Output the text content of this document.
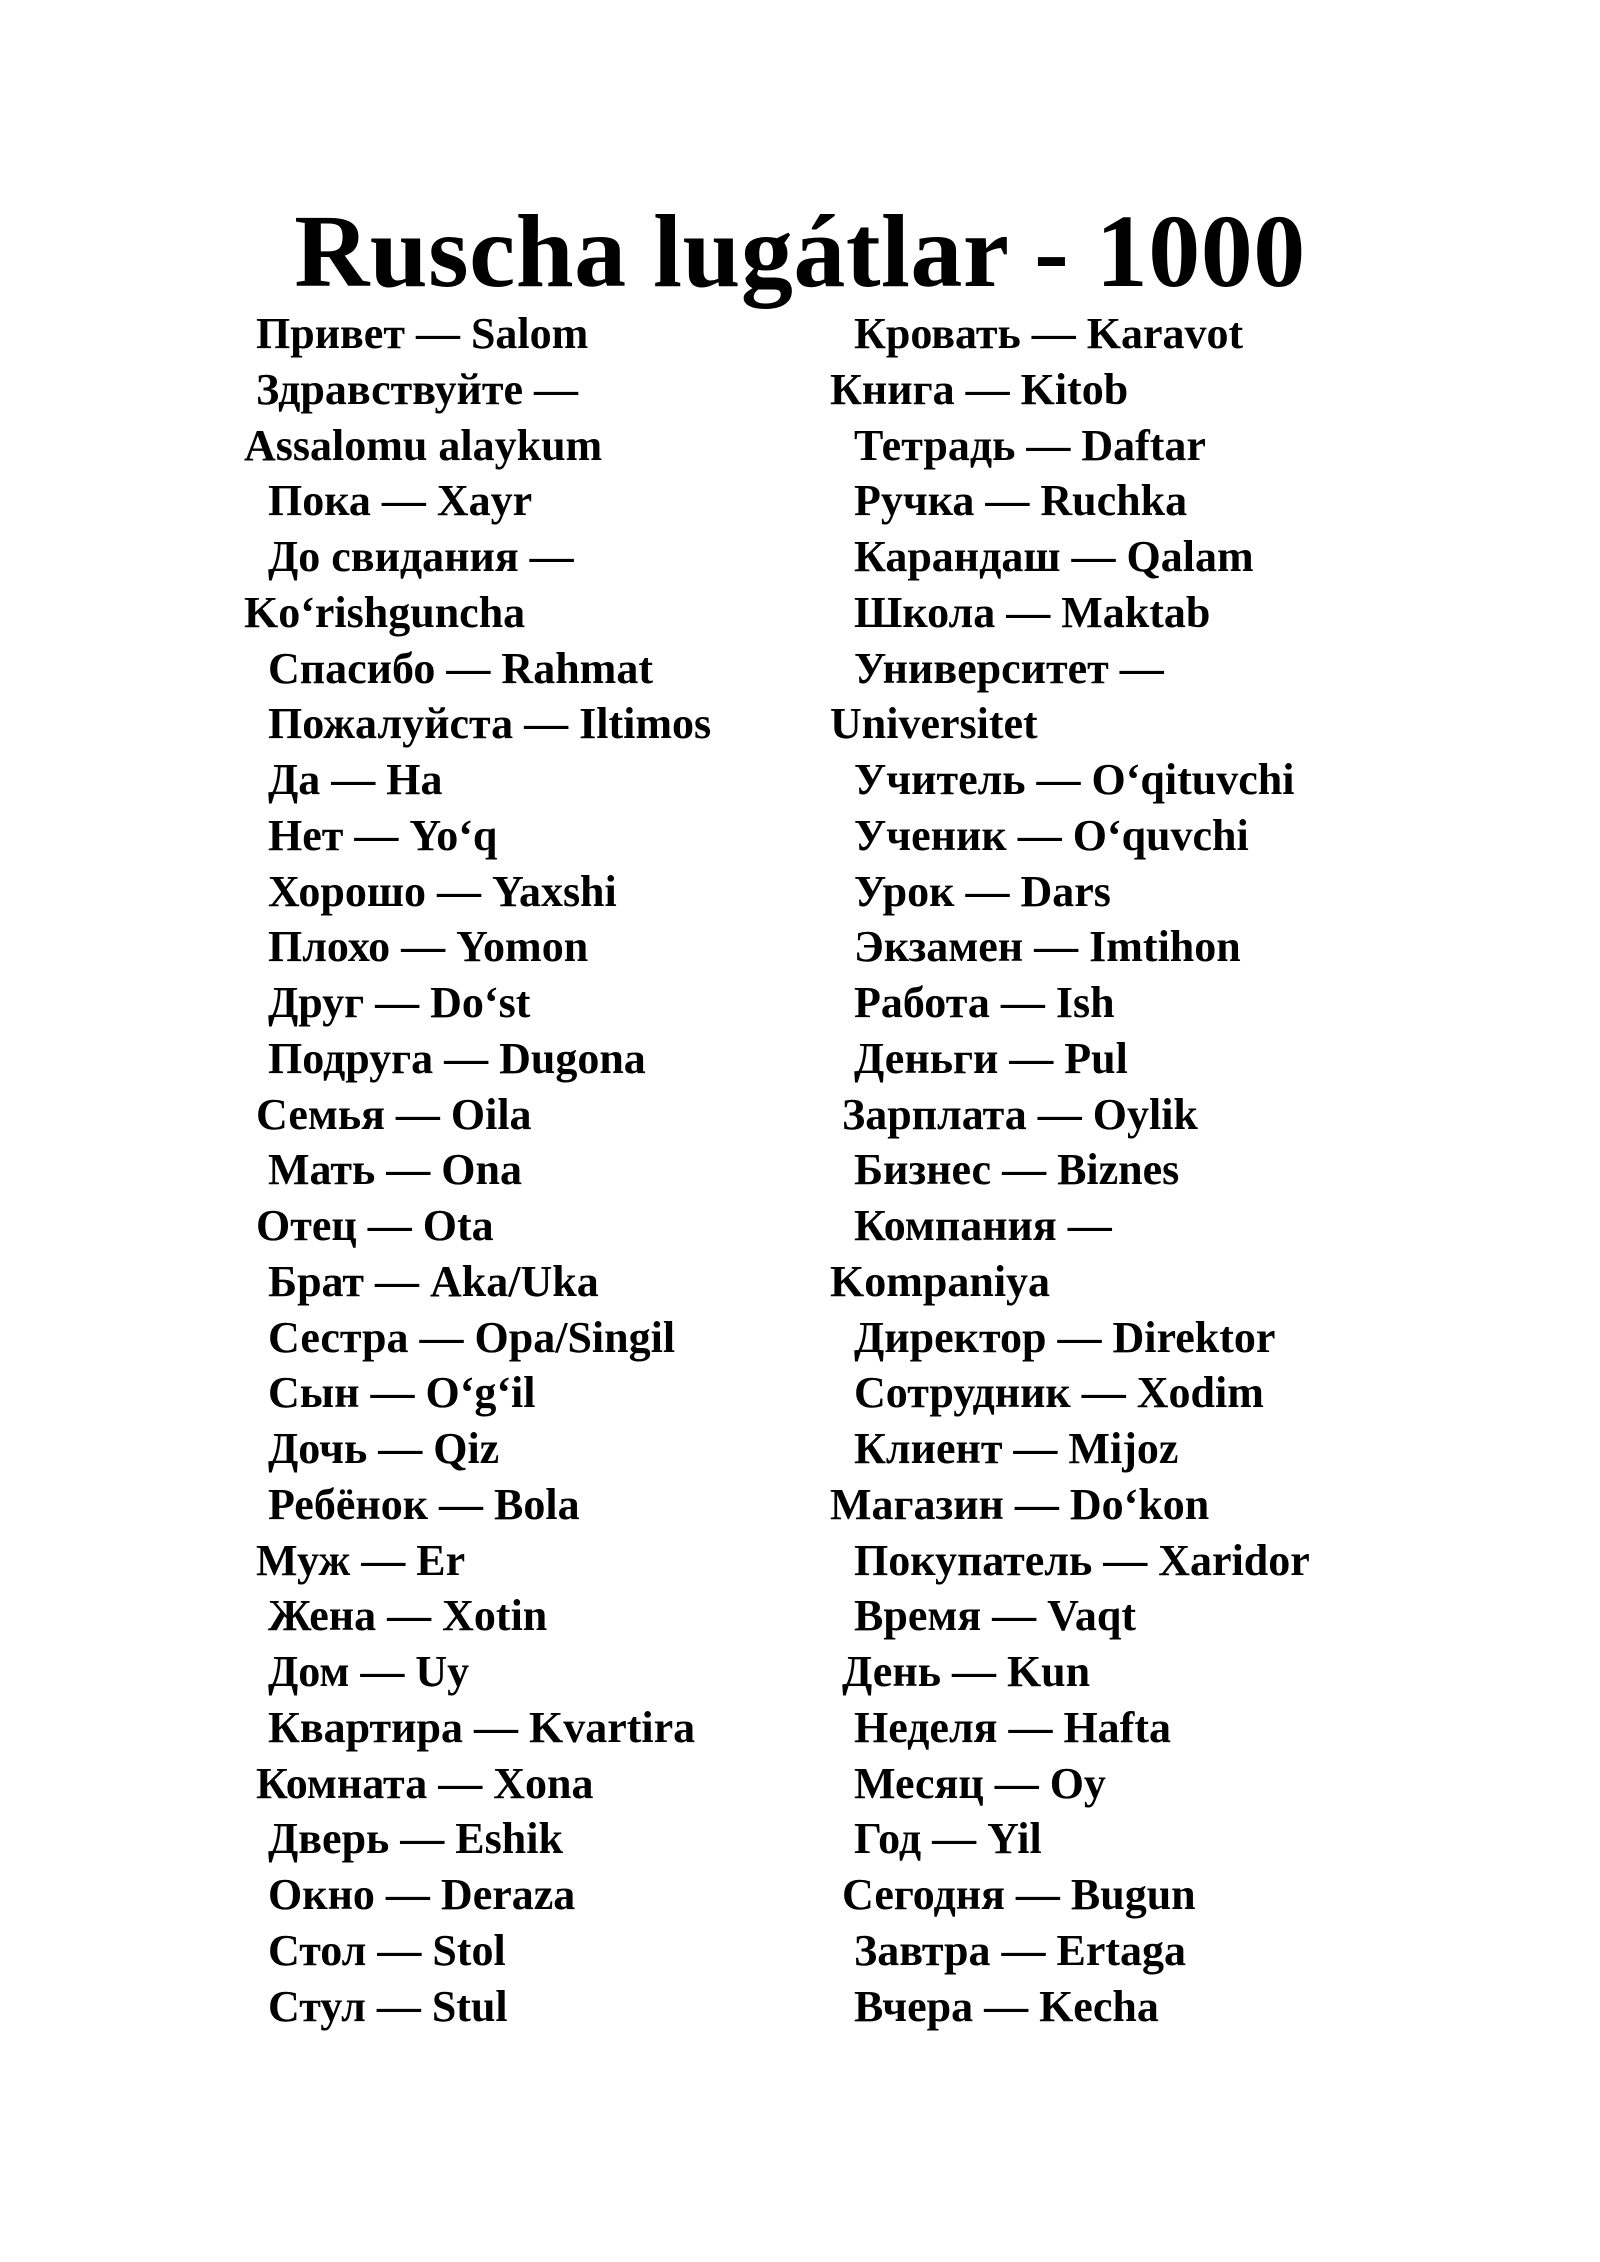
Ruscha lugátlar - 1000
Привет — Salom
Здравствуйте —
Assalomu alaykum
Пока — Xayr
До свидания —
Ko‘rishguncha
Спасибо — Rahmat
Пожалуйста — Iltimos
Да — Ha
Нет — Yo‘q
Хорошо — Yaxshi
Плохо — Yomon
Друг — Do‘st
Подруга — Dugona
Семья — Oila
Мать — Ona
Отец — Ota
Брат — Aka/Uka
Сестра — Opa/Singil
Сын — O‘g‘il
Дочь — Qiz
Ребёнок — Bola
Муж — Er
Жена — Xotin
Дом — Uy
Квартира — Kvartira
Комната — Xona
Дверь — Eshik
Окно — Deraza
Стол — Stol
Стул — Stul
Кровать — Karavot
Книга — Kitob
Тетрадь — Daftar
Ручка — Ruchka
Карандаш — Qalam
Школа — Maktab
Университет —
Universitet
Учитель — O‘qituvchi
Ученик — O‘quvchi
Урок — Dars
Экзамен — Imtihon
Работа — Ish
Деньги — Pul
Зарплата — Oylik
Бизнес — Biznes
Компания —
Kompaniya
Директор — Direktor
Сотрудник — Xodim
Клиент — Mijoz
Магазин — Do‘kon
Покупатель — Xaridor
Время — Vaqt
День — Kun
Неделя — Hafta
Месяц — Oy
Год — Yil
Сегодня — Bugun
Завтра — Ertaga
Вчера — Kecha
